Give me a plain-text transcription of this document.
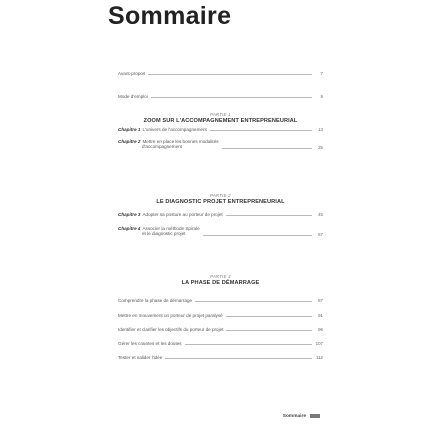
Sommaire
Avant-propos	7
Mode d'emploi	9
PARTIE 1
ZOOM SUR L'ACCOMPAGNEMENT ENTREPRENEURIAL
Chapitre 1 L'univers de l'accompagnement	13
Chapitre 2 Mettre en place les bonnes modalités
d'accompagnement	25
PARTIE 2
LE DIAGNOSTIC PROJET ENTREPRENEURIAL
Chapitre 3 Adopter sa posture au porteur de projet	45
Chapitre 4 Associer la méthode Spirale
et le diagnostic projet	67
PARTIE 3
LA PHASE DE DÉMARRAGE
Comprendre la phase de démarrage	87
Mettre en mouvement un porteur de projet paralysé	91
Identifier et clarifier les objectifs du porteur de projet	96
Gérer les craintes et les doutes	107
Tester et valider l'idée	112
Sommaire
